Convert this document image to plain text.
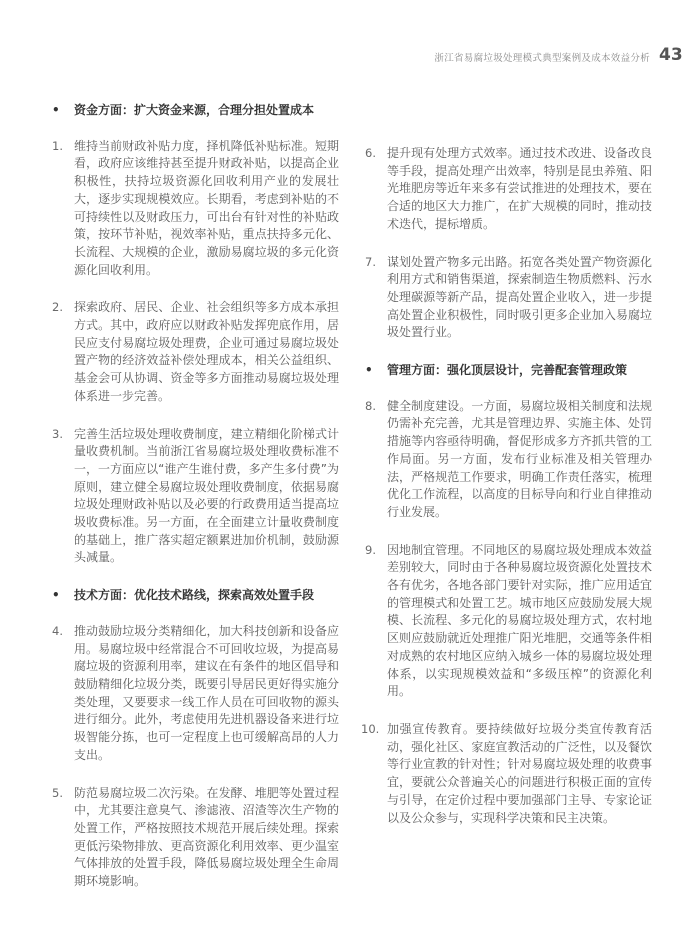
浙江省易腐垃圾处理模式典型案例及成本效益分析 43
• 资金方面：扩大资金来源，合理分担处置成本
1. 维持当前财政补贴力度，择机降低补贴标准。短期看，政府应该维持甚至提升财政补贴，以提高企业积极性，扶持垃圾资源化回收利用产业的发展壮大，逐步实现规模效应。长期看，考虑到补贴的不可持续性以及财政压力，可出台有针对性的补贴政策，按环节补贴，视效率补贴，重点扶持多元化、长流程、大规模的企业，激励易腐垃圾的多元化资源化回收利用。
2. 探索政府、居民、企业、社会组织等多方成本承担方式。其中，政府应以财政补贴发挥兜底作用，居民应支付易腐垃圾处理费，企业可通过易腐垃圾处置产物的经济效益补偿处理成本，相关公益组织、基金会可从协调、资金等多方面推动易腐垃圾处理体系进一步完善。
3. 完善生活垃圾处理收费制度，建立精细化阶梯式计量收费机制。当前浙江省易腐垃圾处理收费标准不一，一方面应以“谁产生谁付费，多产生多付费”为原则，建立健全易腐垃圾处理收费制度，依据易腐垃圾处理财政补贴以及必要的行政费用适当提高垃圾收费标准。另一方面，在全面建立计量收费制度的基础上，推广落实超定额累进加价机制，鼓励源头减量。
• 技术方面：优化技术路线，探索高效处置手段
4. 推动鼓励垃圾分类精细化，加大科技创新和设备应用。易腐垃圾中经常混合不可回收垃圾，为提高易腐垃圾的资源利用率，建议在有条件的地区倡导和鼓励精细化垃圾分类，既要引导居民更好得实施分类处理，又要要求一线工作人员在可回收物的源头进行细分。此外，考虑使用先进机器设备来进行垃圾智能分拣，也可一定程度上也可缓解高昂的人力支出。
5. 防范易腐垃圾二次污染。在发酵、堆肥等处置过程中，尤其要注意臭气、渗滤液、沼渣等次生产物的处置工作，严格按照技术规范开展后续处理。探索更低污染物排放、更高资源化利用效率、更少温室气体排放的处置手段，降低易腐垃圾处理全生命周期环境影响。
6. 提升现有处理方式效率。通过技术改进、设备改良等手段，提高处理产出效率，特别是昆虫养殖、阳光堆肥房等近年来多有尝试推进的处理技术，要在合适的地区大力推广，在扩大规模的同时，推动技术迭代，提标增质。
7. 谋划处置产物多元出路。拓宽各类处置产物资源化利用方式和销售渠道，探索制造生物质燃料、污水处理碳源等新产品，提高处置企业收入，进一步提高处置企业积极性，同时吸引更多企业加入易腐垃圾处置行业。
• 管理方面：强化顶层设计，完善配套管理政策
8. 健全制度建设。一方面，易腐垃圾相关制度和法规仍需补充完善，尤其是管理边界、实施主体、处罚措施等内容亟待明确，督促形成多方齐抓共管的工作局面。另一方面，发布行业标准及相关管理办法，严格规范工作要求，明确工作责任落实，梳理优化工作流程，以高度的目标导向和行业自律推动行业发展。
9. 因地制宜管理。不同地区的易腐垃圾处理成本效益差别较大，同时由于各种易腐垃圾资源化处置技术各有优劣，各地各部门要针对实际，推广应用适宜的管理模式和处置工艺。城市地区应鼓励发展大规模、长流程、多元化的易腐垃圾处理方式，农村地区则应鼓励就近处理推广阳光堆肥，交通等条件相对成熟的农村地区应纳入城乡一体的易腐垃圾处理体系，以实现规模效益和“多级压榨”的资源化利用。
10. 加强宣传教育。要持续做好垃圾分类宣传教育活动，强化社区、家庭宣教活动的广泛性，以及餐饮等行业宣教的针对性；针对易腐垃圾处理的收费事宜，要就公众普遍关心的问题进行积极正面的宣传与引导，在定价过程中要加强部门主导、专家论证以及公众参与，实现科学决策和民主决策。
